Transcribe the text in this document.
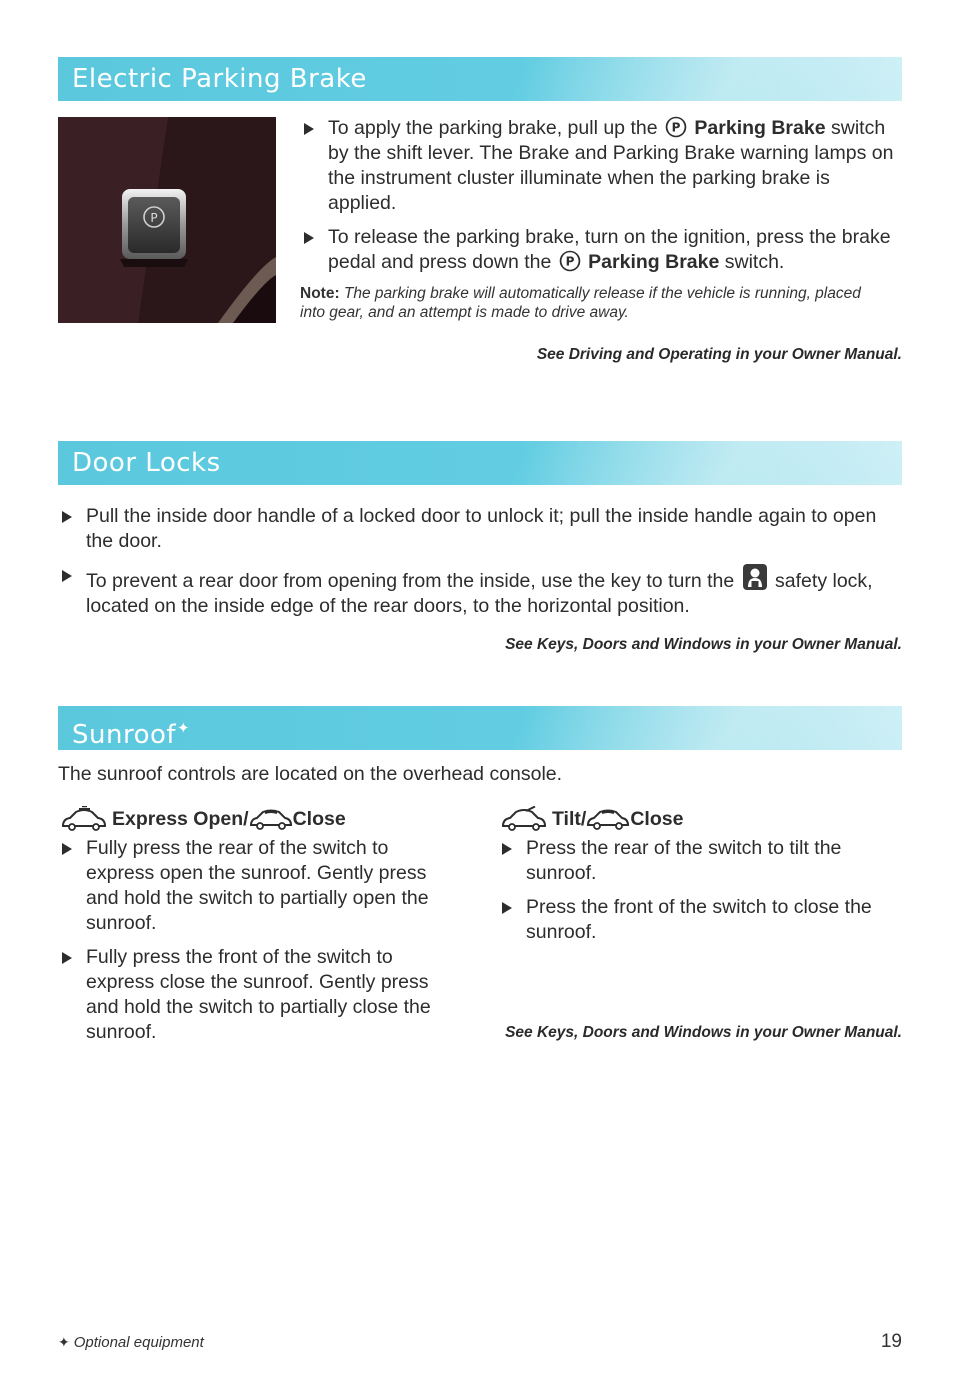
Electric Parking Brake
P
To apply the parking brake, pull up the P Parking Brake switch by the shift lever. The Brake and Parking Brake warning lamps on the instrument cluster illuminate when the parking brake is applied.
To release the parking brake, turn on the ignition, press the brake pedal and press down the P Parking Brake switch.
Note: The parking brake will automatically release if the vehicle is running, placed into gear, and an attempt is made to drive away.
See Driving and Operating in your Owner Manual.
Door Locks
Pull the inside door handle of a locked door to unlock it; pull the inside handle again to open the door.
To prevent a rear door from opening from the inside, use the key to turn the safety lock, located on the inside edge of the rear doors, to the horizontal position.
See Keys, Doors and Windows in your Owner Manual.
Sunroof✦
The sunroof controls are located on the overhead console.
Express Open/ Close
Fully press the rear of the switch to express open the sunroof. Gently press and hold the switch to partially open the sunroof.
Fully press the front of the switch to express close the sunroof. Gently press and hold the switch to partially close the sunroof.
Tilt/ Close
Press the rear of the switch to tilt the sunroof.
Press the front of the switch to close the sunroof.
See Keys, Doors and Windows in your Owner Manual.
✦ Optional equipment	19
